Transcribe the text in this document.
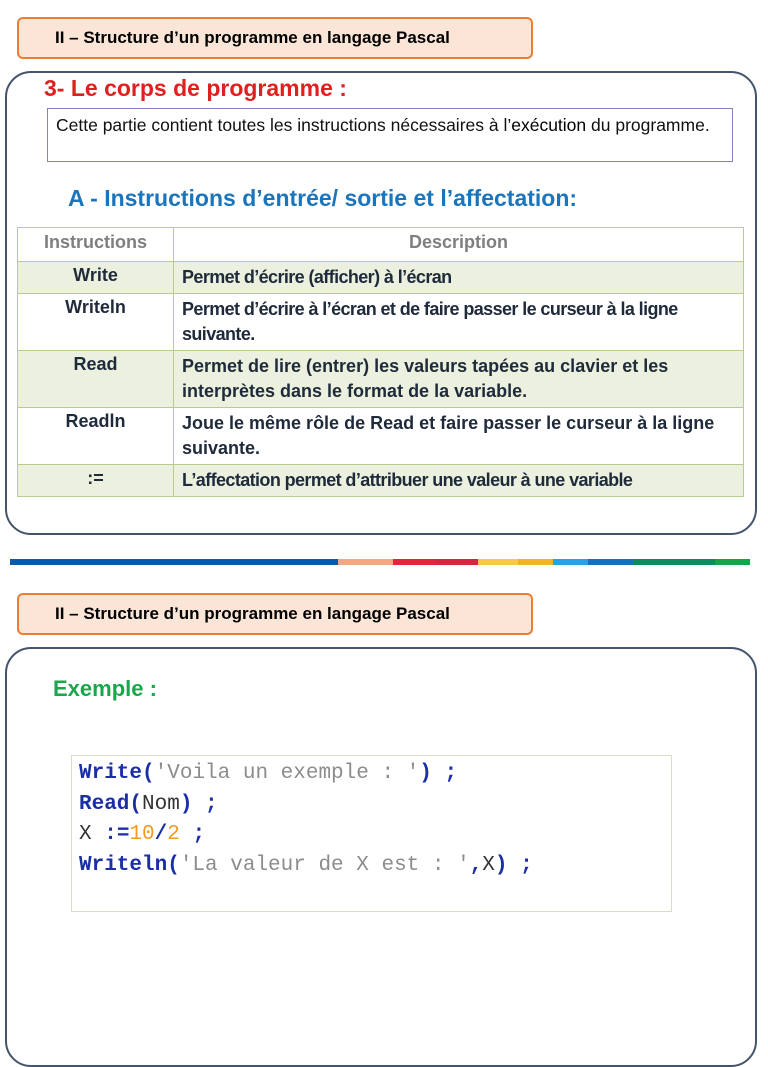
II – Structure d’un programme en langage Pascal
3- Le corps de programme :
Cette partie contient toutes les instructions nécessaires à l’exécution du programme.
A - Instructions d’entrée/ sortie et l’affectation:
Instructions	Description
Write	Permet d’écrire (afficher) à l’écran
Writeln	Permet d’écrire à l’écran et de faire passer le curseur à la ligne suivante.
Read	Permet de lire (entrer) les valeurs tapées au clavier et les interprètes dans le format de la variable.
Readln	Joue le même rôle de Read et faire passer le curseur à la ligne suivante.
:=	L’affectation permet d’attribuer une valeur à une variable
II – Structure d’un programme en langage Pascal
Exemple :
Write('Voila un exemple : ') ;
Read(Nom) ;
X :=10/2 ;
Writeln('La valeur de X est : ',X) ;
